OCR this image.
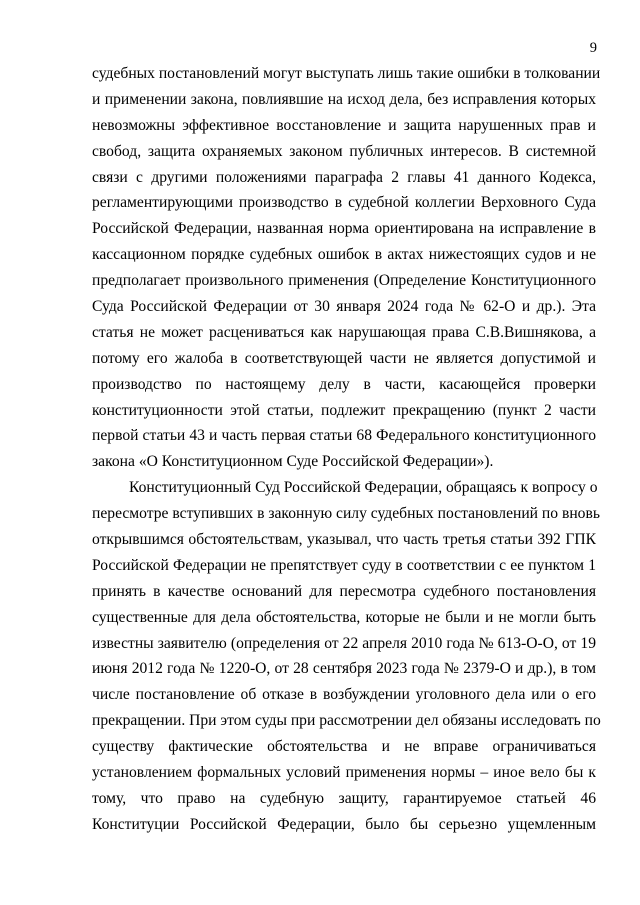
9
судебных постановлений могут выступать лишь такие ошибки в толковании
и применении закона, повлиявшие на исход дела, без исправления которых
невозможны эффективное восстановление и защита нарушенных прав и
свобод, защита охраняемых законом публичных интересов. В системной
связи с другими положениями параграфа 2 главы 41 данного Кодекса,
регламентирующими производство в судебной коллегии Верховного Суда
Российской Федерации, названная норма ориентирована на исправление в
кассационном порядке судебных ошибок в актах нижестоящих судов и не
предполагает произвольного применения (Определение Конституционного
Суда Российской Федерации от 30 января 2024 года № 62-О и др.). Эта
статья не может расцениваться как нарушающая права С.В.Вишнякова, а
потому его жалоба в соответствующей части не является допустимой и
производство по настоящему делу в части, касающейся проверки
конституционности этой статьи, подлежит прекращению (пункт 2 части
первой статьи 43 и часть первая статьи 68 Федерального конституционного
закона «О Конституционном Суде Российской Федерации»).
Конституционный Суд Российской Федерации, обращаясь к вопросу о
пересмотре вступивших в законную силу судебных постановлений по вновь
открывшимся обстоятельствам, указывал, что часть третья статьи 392 ГПК
Российской Федерации не препятствует суду в соответствии с ее пунктом 1
принять в качестве оснований для пересмотра судебного постановления
существенные для дела обстоятельства, которые не были и не могли быть
известны заявителю (определения от 22 апреля 2010 года № 613-О-О, от 19
июня 2012 года № 1220-О, от 28 сентября 2023 года № 2379-О и др.), в том
числе постановление об отказе в возбуждении уголовного дела или о его
прекращении. При этом суды при рассмотрении дел обязаны исследовать по
существу фактические обстоятельства и не вправе ограничиваться
установлением формальных условий применения нормы – иное вело бы к
тому, что право на судебную защиту, гарантируемое статьей 46
Конституции Российской Федерации, было бы серьезно ущемленным
